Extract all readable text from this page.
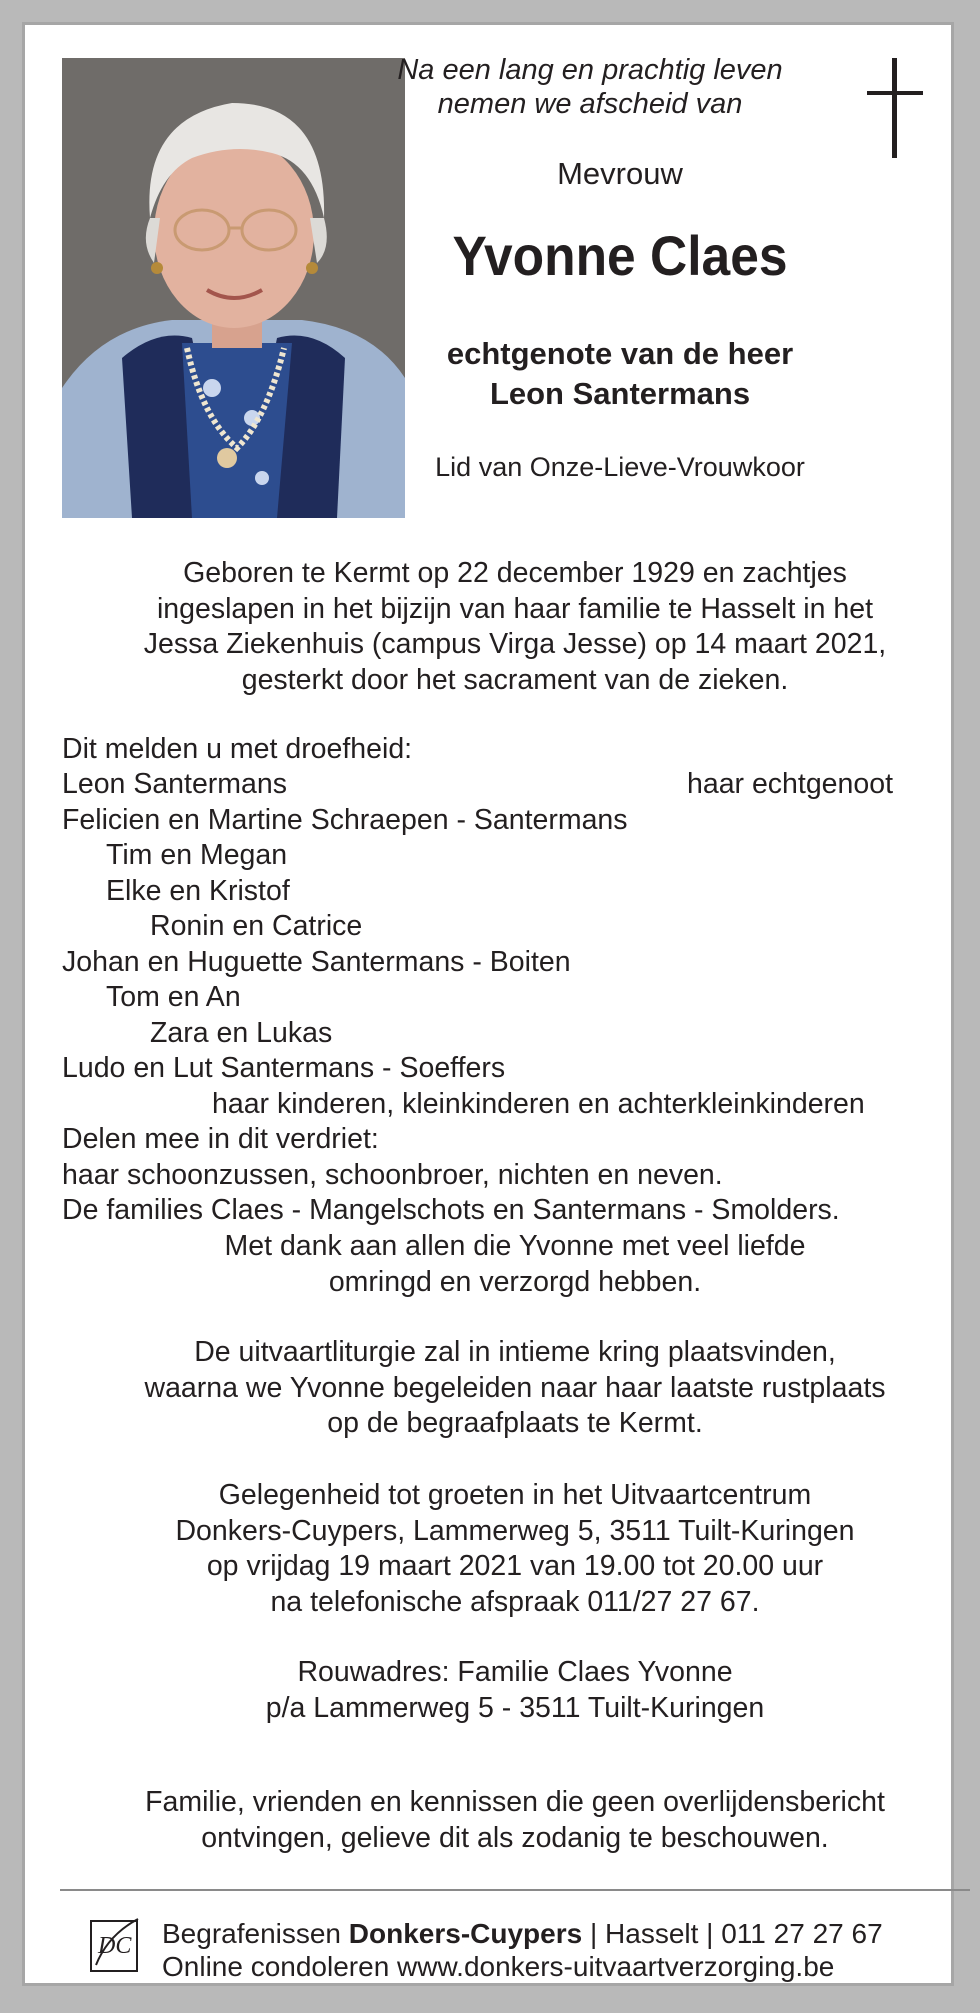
Na een lang en prachtig leven
nemen we afscheid van
Mevrouw
Yvonne Claes
echtgenote van de heer
Leon Santermans
Lid van Onze-Lieve-Vrouwkoor
Geboren te Kermt op 22 december 1929 en zachtjes
ingeslapen in het bijzijn van haar familie te Hasselt in het
Jessa Ziekenhuis (campus Virga Jesse) op 14 maart 2021,
gesterkt door het sacrament van de zieken.
Dit melden u met droefheid:
Leon Santermans	haar echtgenoot
Felicien en Martine Schraepen - Santermans
Tim en Megan
Elke en Kristof
Ronin en Catrice
Johan en Huguette Santermans - Boiten
Tom en An
Zara en Lukas
Ludo en Lut Santermans - Soeffers
haar kinderen, kleinkinderen en achterkleinkinderen
Delen mee in dit verdriet:
haar schoonzussen, schoonbroer, nichten en neven.
De families Claes - Mangelschots en Santermans - Smolders.
Met dank aan allen die Yvonne met veel liefde
omringd en verzorgd hebben.
De uitvaartliturgie zal in intieme kring plaatsvinden,
waarna we Yvonne begeleiden naar haar laatste rustplaats
op de begraafplaats te Kermt.
Gelegenheid tot groeten in het Uitvaartcentrum
Donkers-Cuypers, Lammerweg 5, 3511 Tuilt-Kuringen
op vrijdag 19 maart 2021 van 19.00 tot 20.00 uur
na telefonische afspraak 011/27 27 67.
Rouwadres: Familie Claes Yvonne
p/a Lammerweg 5 - 3511 Tuilt-Kuringen
Familie, vrienden en kennissen die geen overlijdensbericht
ontvingen, gelieve dit als zodanig te beschouwen.
DC Begrafenissen Donkers-Cuypers | Hasselt | 011 27 27 67
Online condoleren www.donkers-uitvaartverzorging.be
